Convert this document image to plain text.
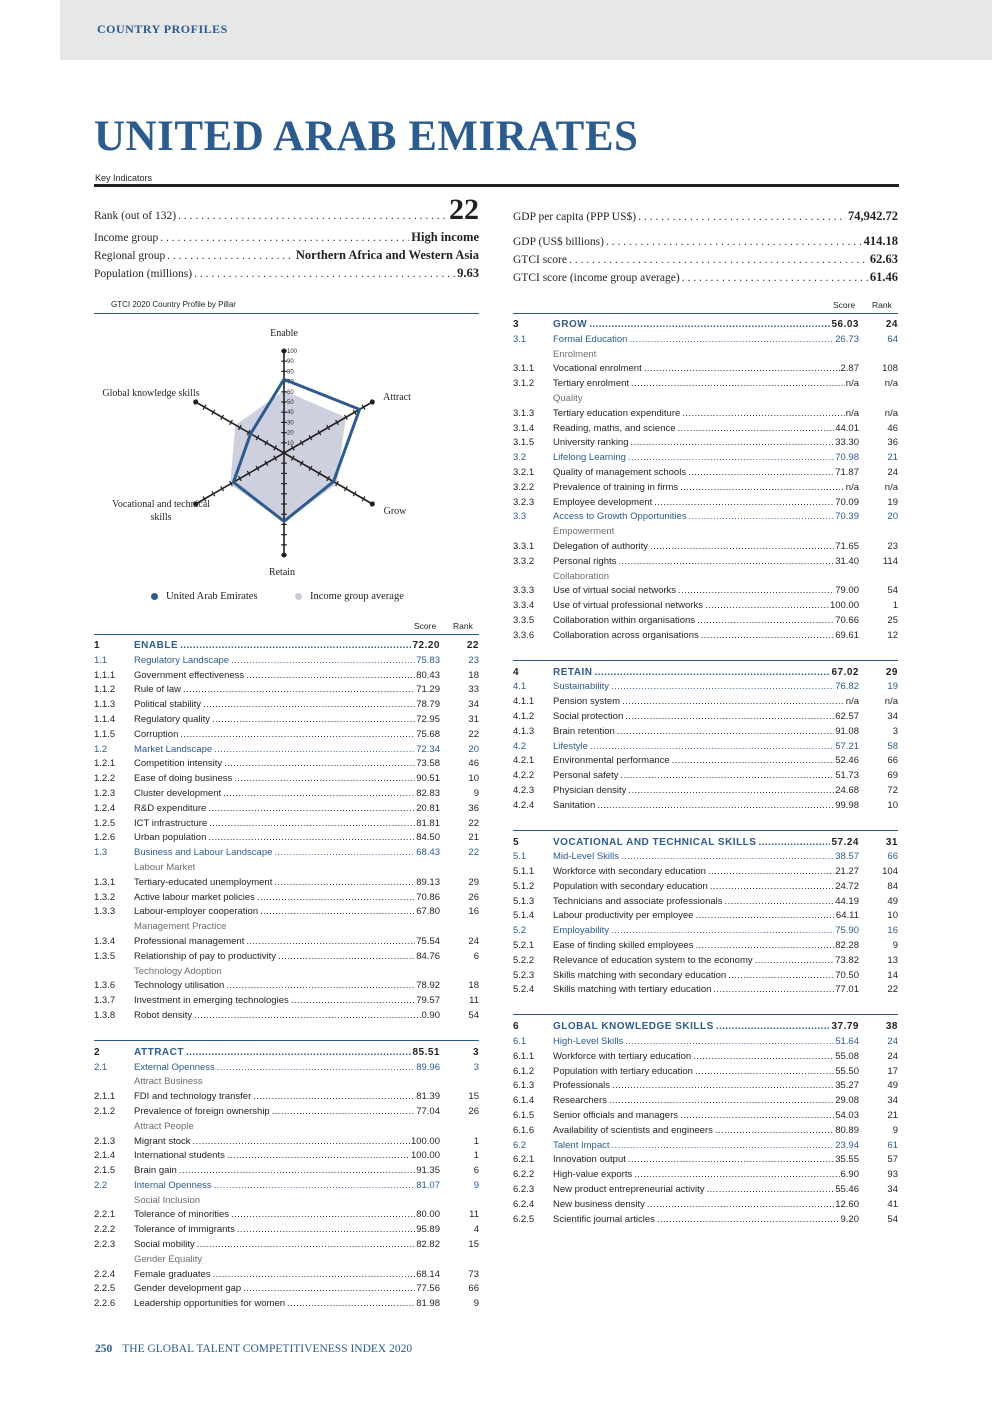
COUNTRY PROFILES
UNITED ARAB EMIRATES
Key Indicators
Rank (out of 132) . . .	22
Income group . . .	High income
Regional group . . .	Northern Africa and Western Asia
Population (millions) . . .	9.63
GDP per capita (PPP US$) . . .	74,942.72
GDP (US$ billions) . . .	414.18
GTCI score . . .	62.63
GTCI score (income group average) . . .	61.46
GTCI 2020 Country Profile by Pillar	Score Rank
10
20
30
40
50
60
70
80
90
100
Enable
Attract
Grow
Retain
Vocational and technical skills
Global knowledge skills
United Arab Emirates	Income group average
Score Rank
1	ENABLE .....	72.20	22
1.1	Regulatory Landscape .....	75.83	23
1.1.1	Government effectiveness .....	80.43	18
1.1.2	Rule of law .....	71.29	33
1.1.3	Political stability .....	78.79	34
1.1.4	Regulatory quality .....	72.95	31
1.1.5	Corruption .....	75.68	22
1.2	Market Landscape .....	72.34	20
1.2.1	Competition intensity .....	73.58	46
1.2.2	Ease of doing business .....	90.51	10
1.2.3	Cluster development .....	82.83	9
1.2.4	R&D expenditure .....	20.81	36
1.2.5	ICT infrastructure .....	81.81	22
1.2.6	Urban population .....	84.50	21
1.3	Business and Labour Landscape .....	68.43	22
Labour Market
1.3.1	Tertiary-educated unemployment .....	89.13	29
1.3.2	Active labour market policies .....	70.86	26
1.3.3	Labour-employer cooperation .....	67.80	16
Management Practice
1.3.4	Professional management .....	75.54	24
1.3.5	Relationship of pay to productivity .....	84.76	6
Technology Adoption
1.3.6	Technology utilisation .....	78.92	18
1.3.7	Investment in emerging technologies .....	79.57	11
1.3.8	Robot density .....	0.90	54
2	ATTRACT .....	85.51	3
2.1	External Openness .....	89.96	3
Attract Business
2.1.1	FDI and technology transfer .....	81.39	15
2.1.2	Prevalence of foreign ownership .....	77.04	26
Attract People
2.1.3	Migrant stock .....	100.00	1
2.1.4	International students .....	100.00	1
2.1.5	Brain gain .....	91.35	6
2.2	Internal Openness .....	81.07	9
Social Inclusion
2.2.1	Tolerance of minorities .....	80.00	11
2.2.2	Tolerance of immigrants .....	95.89	4
2.2.3	Social mobility .....	82.82	15
Gender Equality
2.2.4	Female graduates .....	68.14	73
2.2.5	Gender development gap .....	77.56	66
2.2.6	Leadership opportunities for women .....	81.98	9
3	GROW .....	56.03	24
3.1	Formal Education .....	26.73	64
Enrolment
3.1.1	Vocational enrolment .....	2.87	108
3.1.2	Tertiary enrolment .....	n/a	n/a
Quality
3.1.3	Tertiary education expenditure .....	n/a	n/a
3.1.4	Reading, maths, and science .....	44.01	46
3.1.5	University ranking .....	33.30	36
3.2	Lifelong Learning .....	70.98	21
3.2.1	Quality of management schools .....	71.87	24
3.2.2	Prevalence of training in firms .....	n/a	n/a
3.2.3	Employee development .....	70.09	19
3.3	Access to Growth Opportunities .....	70.39	20
Empowerment
3.3.1	Delegation of authority .....	71.65	23
3.3.2	Personal rights .....	31.40	114
Collaboration
3.3.3	Use of virtual social networks .....	79.00	54
3.3.4	Use of virtual professional networks .....	100.00	1
3.3.5	Collaboration within organisations .....	70.66	25
3.3.6	Collaboration across organisations .....	69.61	12
4	RETAIN .....	67.02	29
4.1	Sustainability .....	76.82	19
4.1.1	Pension system .....	n/a	n/a
4.1.2	Social protection .....	62.57	34
4.1.3	Brain retention .....	91.08	3
4.2	Lifestyle .....	57.21	58
4.2.1	Environmental performance .....	52.46	66
4.2.2	Personal safety .....	51.73	69
4.2.3	Physician density .....	24.68	72
4.2.4	Sanitation .....	99.98	10
5	VOCATIONAL AND TECHNICAL SKILLS .....	57.24	31
5.1	Mid-Level Skills .....	38.57	66
5.1.1	Workforce with secondary education .....	21.27	104
5.1.2	Population with secondary education .....	24.72	84
5.1.3	Technicians and associate professionals .....	44.19	49
5.1.4	Labour productivity per employee .....	64.11	10
5.2	Employability .....	75.90	16
5.2.1	Ease of finding skilled employees .....	82.28	9
5.2.2	Relevance of education system to the economy .....	73.82	13
5.2.3	Skills matching with secondary education .....	70.50	14
5.2.4	Skills matching with tertiary education .....	77.01	22
6	GLOBAL KNOWLEDGE SKILLS .....	37.79	38
6.1	High-Level Skills .....	51.64	24
6.1.1	Workforce with tertiary education .....	55.08	24
6.1.2	Population with tertiary education .....	55.50	17
6.1.3	Professionals .....	35.27	49
6.1.4	Researchers .....	29.08	34
6.1.5	Senior officials and managers .....	54.03	21
6.1.6	Availability of scientists and engineers .....	80.89	9
6.2	Talent Impact .....	23.94	61
6.2.1	Innovation output .....	35.55	57
6.2.2	High-value exports .....	6.90	93
6.2.3	New product entrepreneurial activity .....	55.46	34
6.2.4	New business density .....	12.60	41
6.2.5	Scientific journal articles .....	9.20	54
250 THE GLOBAL TALENT COMPETITIVENESS INDEX 2020
